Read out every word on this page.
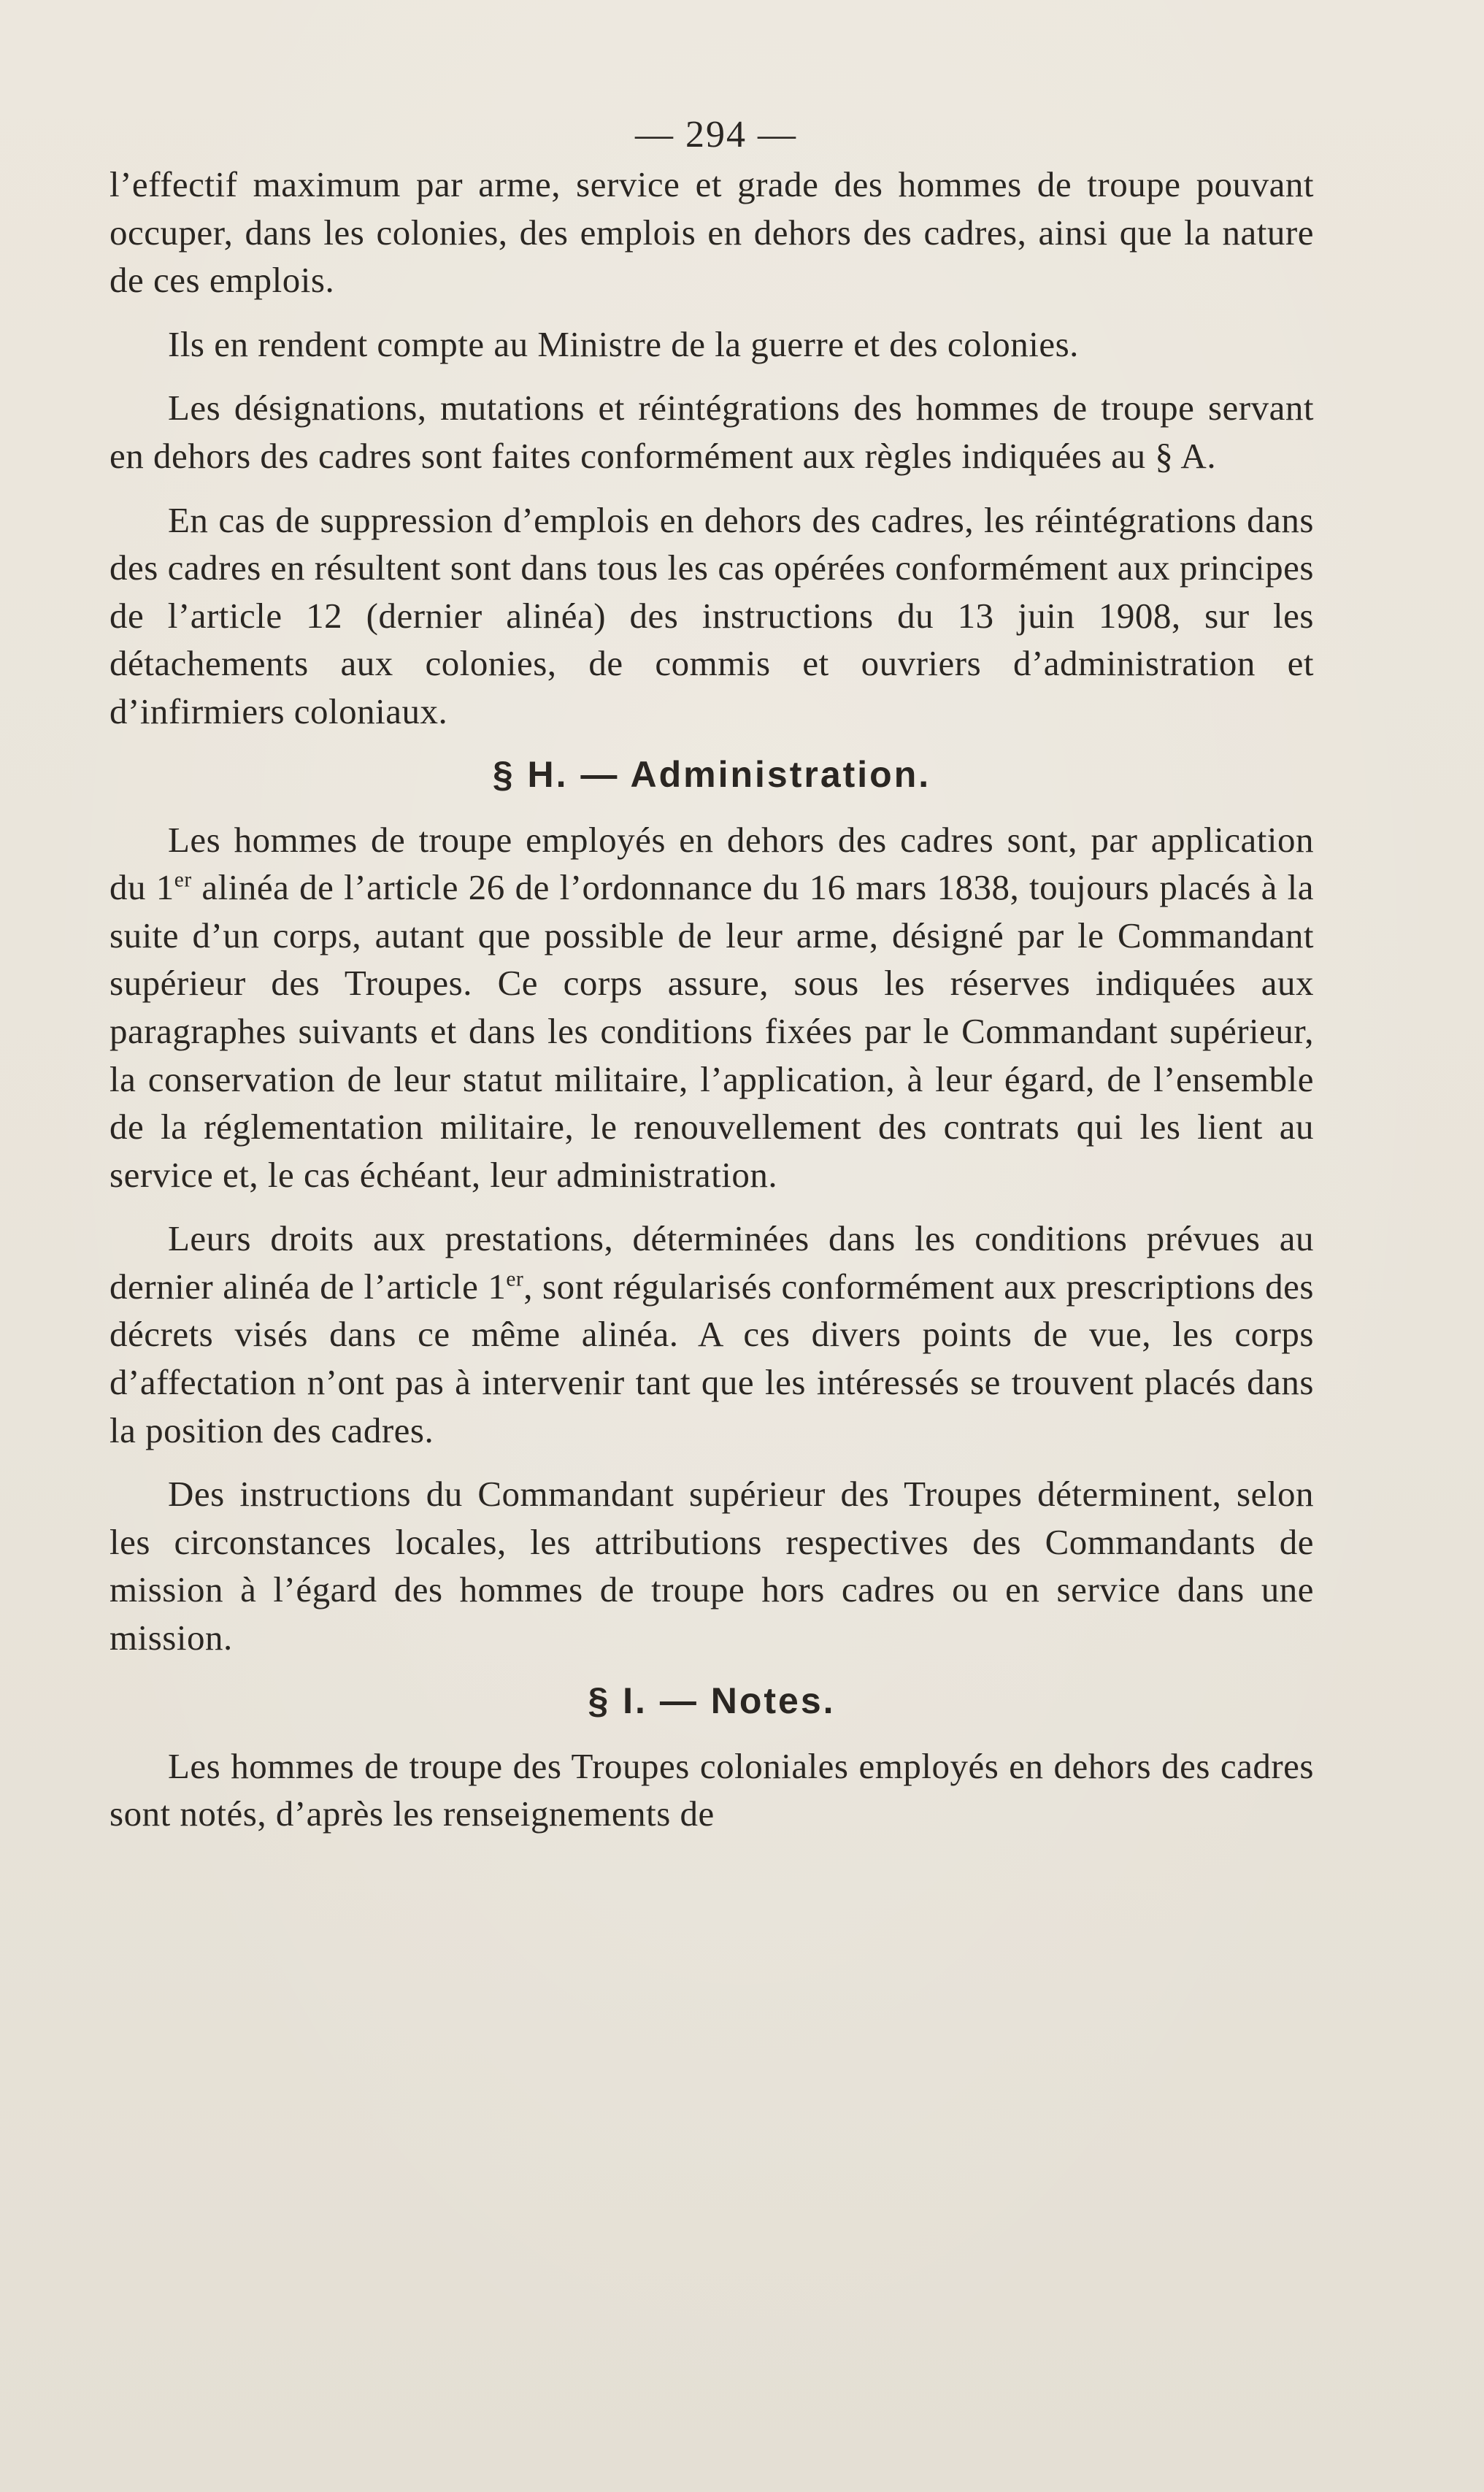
— 294 —

l’effectif maximum par arme, service et grade des hommes de troupe pouvant occuper, dans les colonies, des emplois en dehors des cadres, ainsi que la nature de ces emplois.

Ils en rendent compte au Ministre de la guerre et des colonies.

Les désignations, mutations et réintégrations des hommes de troupe servant en dehors des cadres sont faites conformément aux règles indiquées au § A.

En cas de suppression d’emplois en dehors des cadres, les réintégrations dans des cadres en résultent sont dans tous les cas opérées conformément aux principes de l’article 12 (dernier alinéa) des instructions du 13 juin 1908, sur les détachements aux colonies, de commis et ouvriers d’administration et d’infirmiers coloniaux.

§ H. — Administration.

Les hommes de troupe employés en dehors des cadres sont, par application du 1er alinéa de l’article 26 de l’ordonnance du 16 mars 1838, toujours placés à la suite d’un corps, autant que possible de leur arme, désigné par le Commandant supérieur des Troupes. Ce corps assure, sous les réserves indiquées aux paragraphes suivants et dans les conditions fixées par le Commandant supérieur, la conservation de leur statut militaire, l’application, à leur égard, de l’ensemble de la réglementation militaire, le renouvellement des contrats qui les lient au service et, le cas échéant, leur administration.

Leurs droits aux prestations, déterminées dans les conditions prévues au dernier alinéa de l’article 1er, sont régularisés conformément aux prescriptions des décrets visés dans ce même alinéa. A ces divers points de vue, les corps d’affectation n’ont pas à intervenir tant que les intéressés se trouvent placés dans la position des cadres.

Des instructions du Commandant supérieur des Troupes déterminent, selon les circonstances locales, les attributions respectives des Commandants de mission à l’égard des hommes de troupe hors cadres ou en service dans une mission.

§ I. — Notes.

Les hommes de troupe des Troupes coloniales employés en dehors des cadres sont notés, d’après les renseignements de
